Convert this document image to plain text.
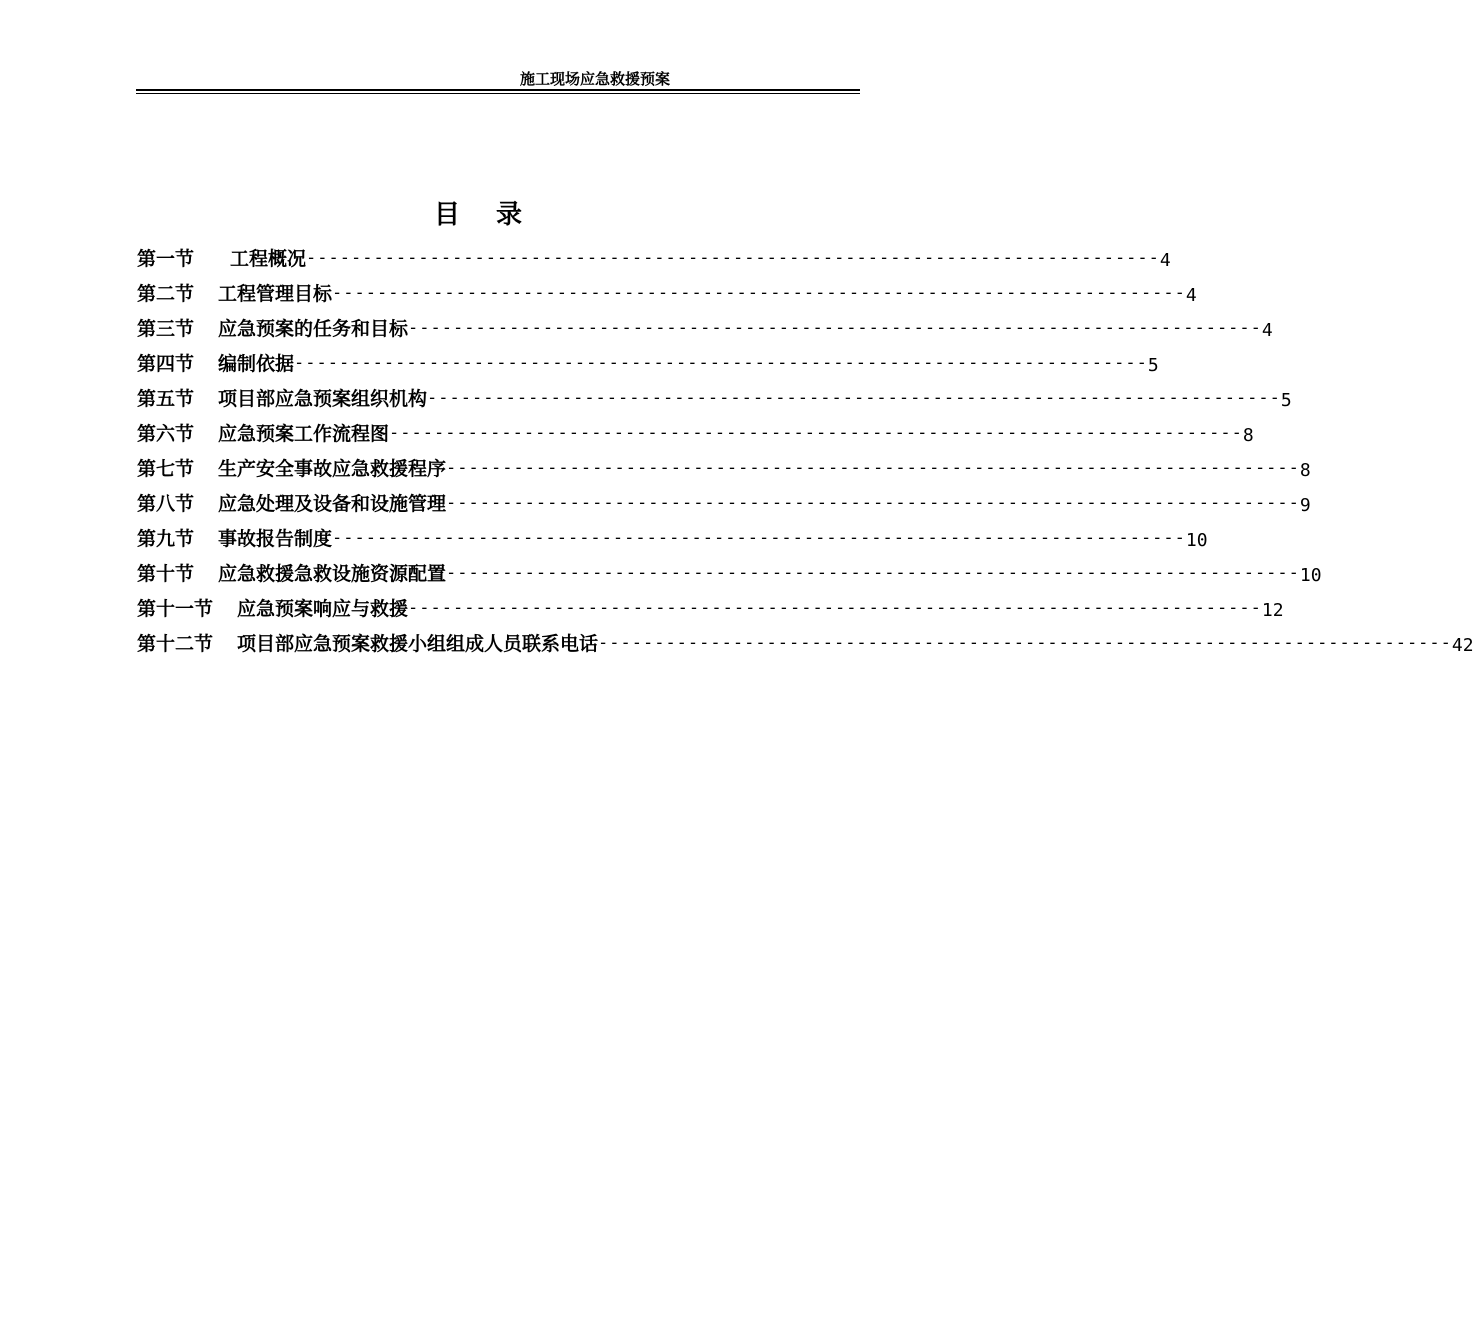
施工现场应急救援预案
目录
第一节 工程概况 ---------------------------------------------------------------------------- 4
第二节 工程管理目标 ---------------------------------------------------------------------------- 4
第三节 应急预案的任务和目标 ---------------------------------------------------------------------------- 4
第四节 编制依据 ---------------------------------------------------------------------------- 5
第五节 项目部应急预案组织机构 ---------------------------------------------------------------------------- 5
第六节 应急预案工作流程图 ---------------------------------------------------------------------------- 8
第七节 生产安全事故应急救援程序 ---------------------------------------------------------------------------- 8
第八节 应急处理及设备和设施管理 ---------------------------------------------------------------------------- 9
第九节 事故报告制度 ---------------------------------------------------------------------------- 10
第十节 应急救援急救设施资源配置 ---------------------------------------------------------------------------- 10
第十一节 应急预案响应与救援 ---------------------------------------------------------------------------- 12
第十二节 项目部应急预案救援小组组成人员联系电话 ---------------------------------------------------------------------------- 42
